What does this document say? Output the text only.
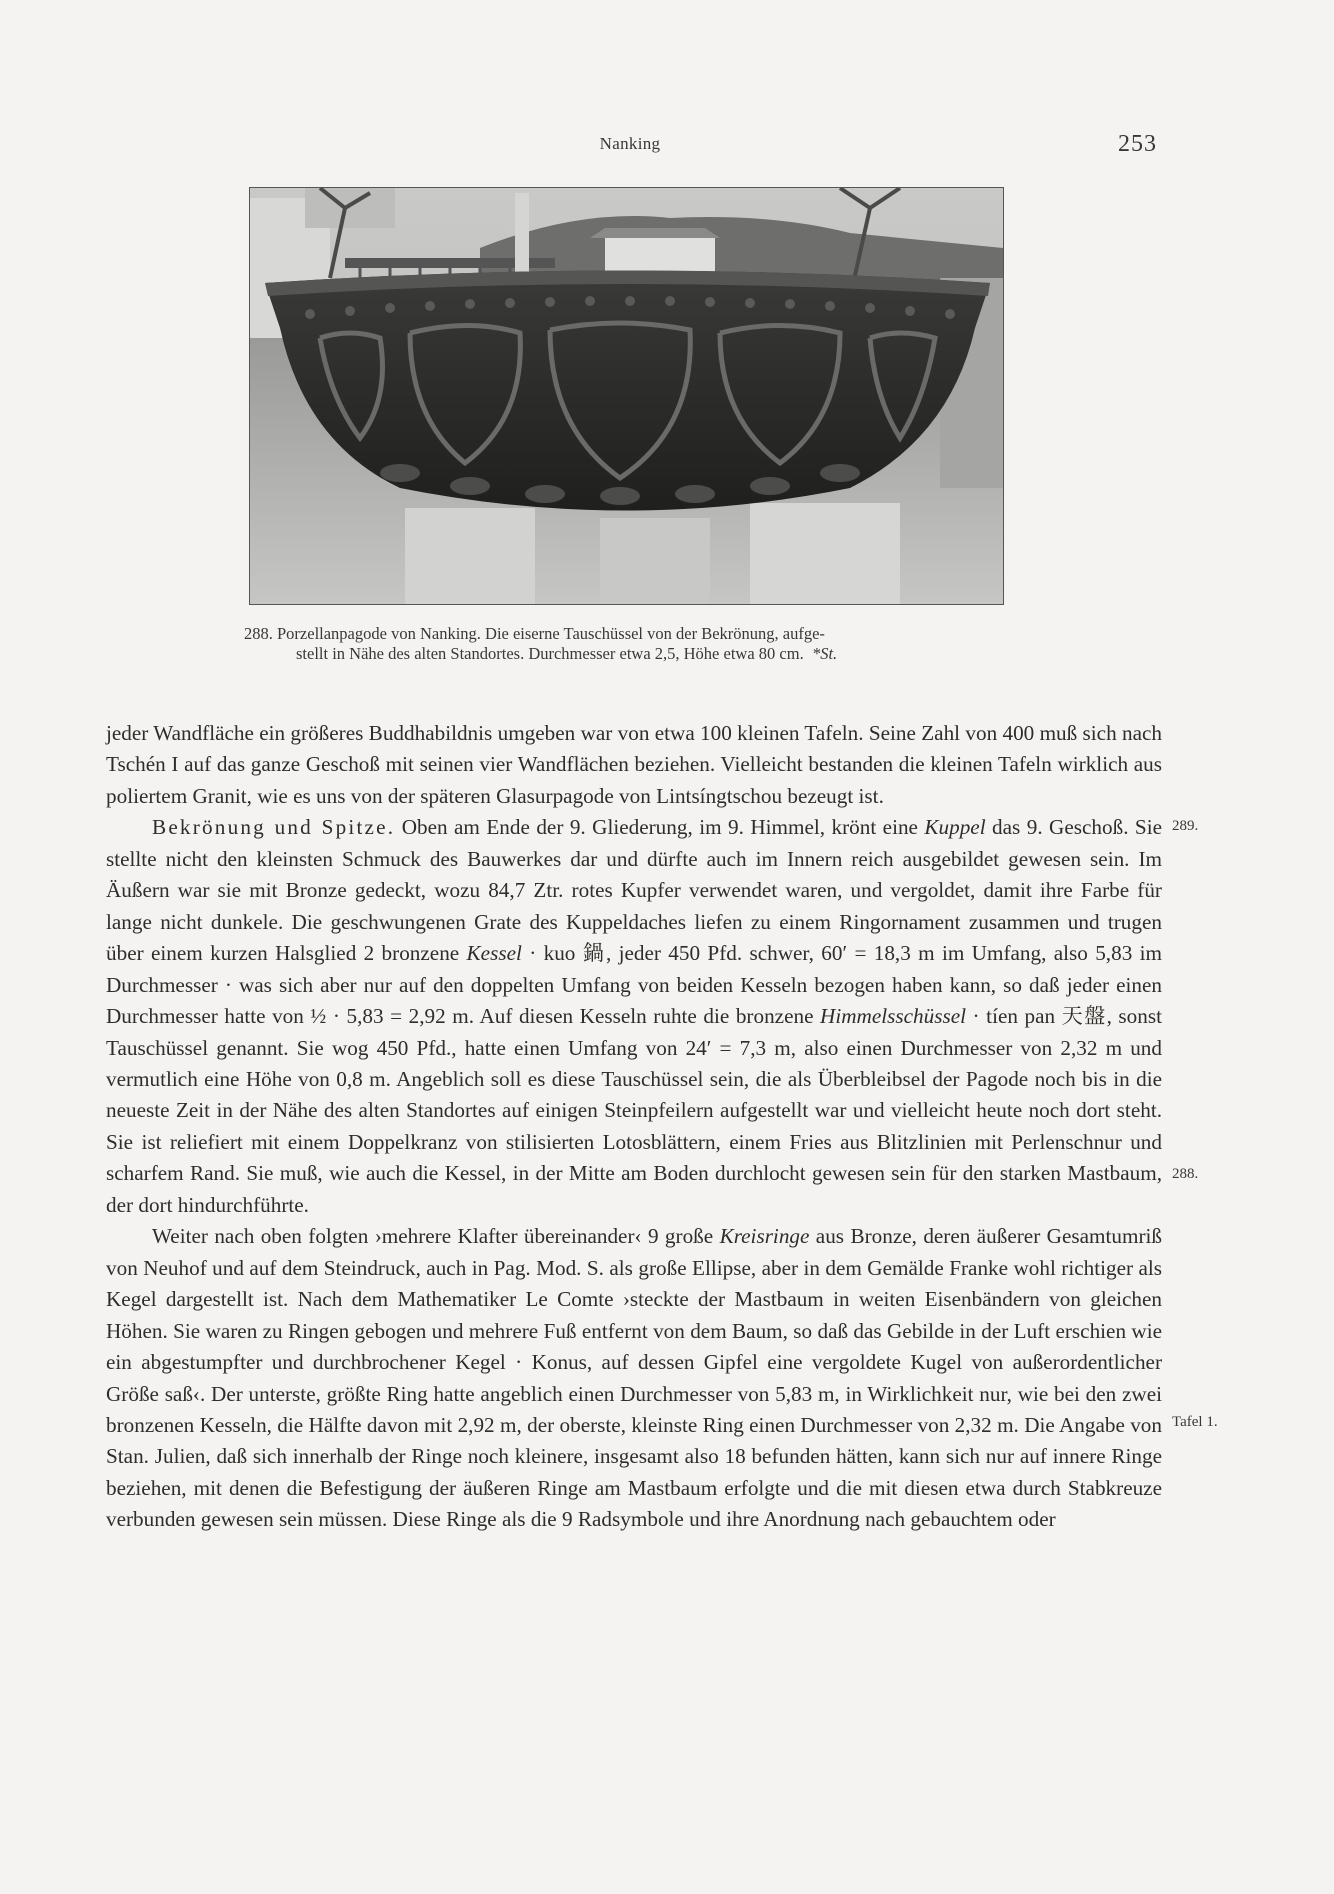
Nanking	253
288. Porzellanpagode von Nanking. Die eiserne Tauschüssel von der Bekrönung, aufge-
stellt in Nähe des alten Standortes. Durchmesser etwa 2,5, Höhe etwa 80 cm. *St.

jeder Wandfläche ein größeres Buddhabildnis umgeben war von etwa 100 kleinen Tafeln. Seine Zahl von 400 muß sich nach Tschén I auf das ganze Geschoß mit seinen vier Wandflächen beziehen. Vielleicht bestanden die kleinen Tafeln wirklich aus poliertem Granit, wie es uns von der späteren Glasurpagode von Lintsíngtschou bezeugt ist.

Bekrönung und Spitze. Oben am Ende der 9. Gliederung, im 9. Himmel, krönt eine Kuppel das 9. Geschoß. Sie stellte nicht den kleinsten Schmuck des Bauwerkes dar und dürfte auch im Innern reich ausgebildet gewesen sein. Im Äußern war sie mit Bronze gedeckt, wozu 84,7 Ztr. rotes Kupfer verwendet waren, und vergoldet, damit ihre Farbe für lange nicht dunkele. Die geschwungenen Grate des Kuppeldaches liefen zu einem Ringornament zusammen und trugen über einem kurzen Halsglied 2 bronzene Kessel · kuo 鍋, jeder 450 Pfd. schwer, 60′ = 18,3 m im Umfang, also 5,83 im Durchmesser · was sich aber nur auf den doppelten Umfang von beiden Kesseln bezogen haben kann, so daß jeder einen Durchmesser hatte von ½ · 5,83 = 2,92 m. Auf diesen Kesseln ruhte die bronzene Himmelsschüssel · tíen pan 天盤, sonst Tauschüssel genannt. Sie wog 450 Pfd., hatte einen Umfang von 24′ = 7,3 m, also einen Durchmesser von 2,32 m und vermutlich eine Höhe von 0,8 m. Angeblich soll es diese Tauschüssel sein, die als Überbleibsel der Pagode noch bis in die neueste Zeit in der Nähe des alten Standortes auf einigen Steinpfeilern aufgestellt war und vielleicht heute noch dort steht. Sie ist reliefiert mit einem Doppelkranz von stilisierten Lotosblättern, einem Fries aus Blitzlinien mit Perlenschnur und scharfem Rand. Sie muß, wie auch die Kessel, in der Mitte am Boden durchlocht gewesen sein für den starken Mastbaum, der dort hindurchführte.

Weiter nach oben folgten ›mehrere Klafter übereinander‹ 9 große Kreisringe aus Bronze, deren äußerer Gesamtumriß von Neuhof und auf dem Steindruck, auch in Pag. Mod. S. als große Ellipse, aber in dem Gemälde Franke wohl richtiger als Kegel dargestellt ist. Nach dem Mathematiker Le Comte ›steckte der Mastbaum in weiten Eisenbändern von gleichen Höhen. Sie waren zu Ringen gebogen und mehrere Fuß entfernt von dem Baum, so daß das Gebilde in der Luft erschien wie ein abgestumpfter und durchbrochener Kegel · Konus, auf dessen Gipfel eine vergoldete Kugel von außerordentlicher Größe saß‹. Der unterste, größte Ring hatte angeblich einen Durchmesser von 5,83 m, in Wirklichkeit nur, wie bei den zwei bronzenen Kesseln, die Hälfte davon mit 2,92 m, der oberste, kleinste Ring einen Durchmesser von 2,32 m. Die Angabe von Stan. Julien, daß sich innerhalb der Ringe noch kleinere, insgesamt also 18 befunden hätten, kann sich nur auf innere Ringe beziehen, mit denen die Befestigung der äußeren Ringe am Mastbaum erfolgte und die mit diesen etwa durch Stabkreuze verbunden gewesen sein müssen. Diese Ringe als die 9 Radsymbole und ihre Anordnung nach gebauchtem oder

289.
288.
Tafel 1.
